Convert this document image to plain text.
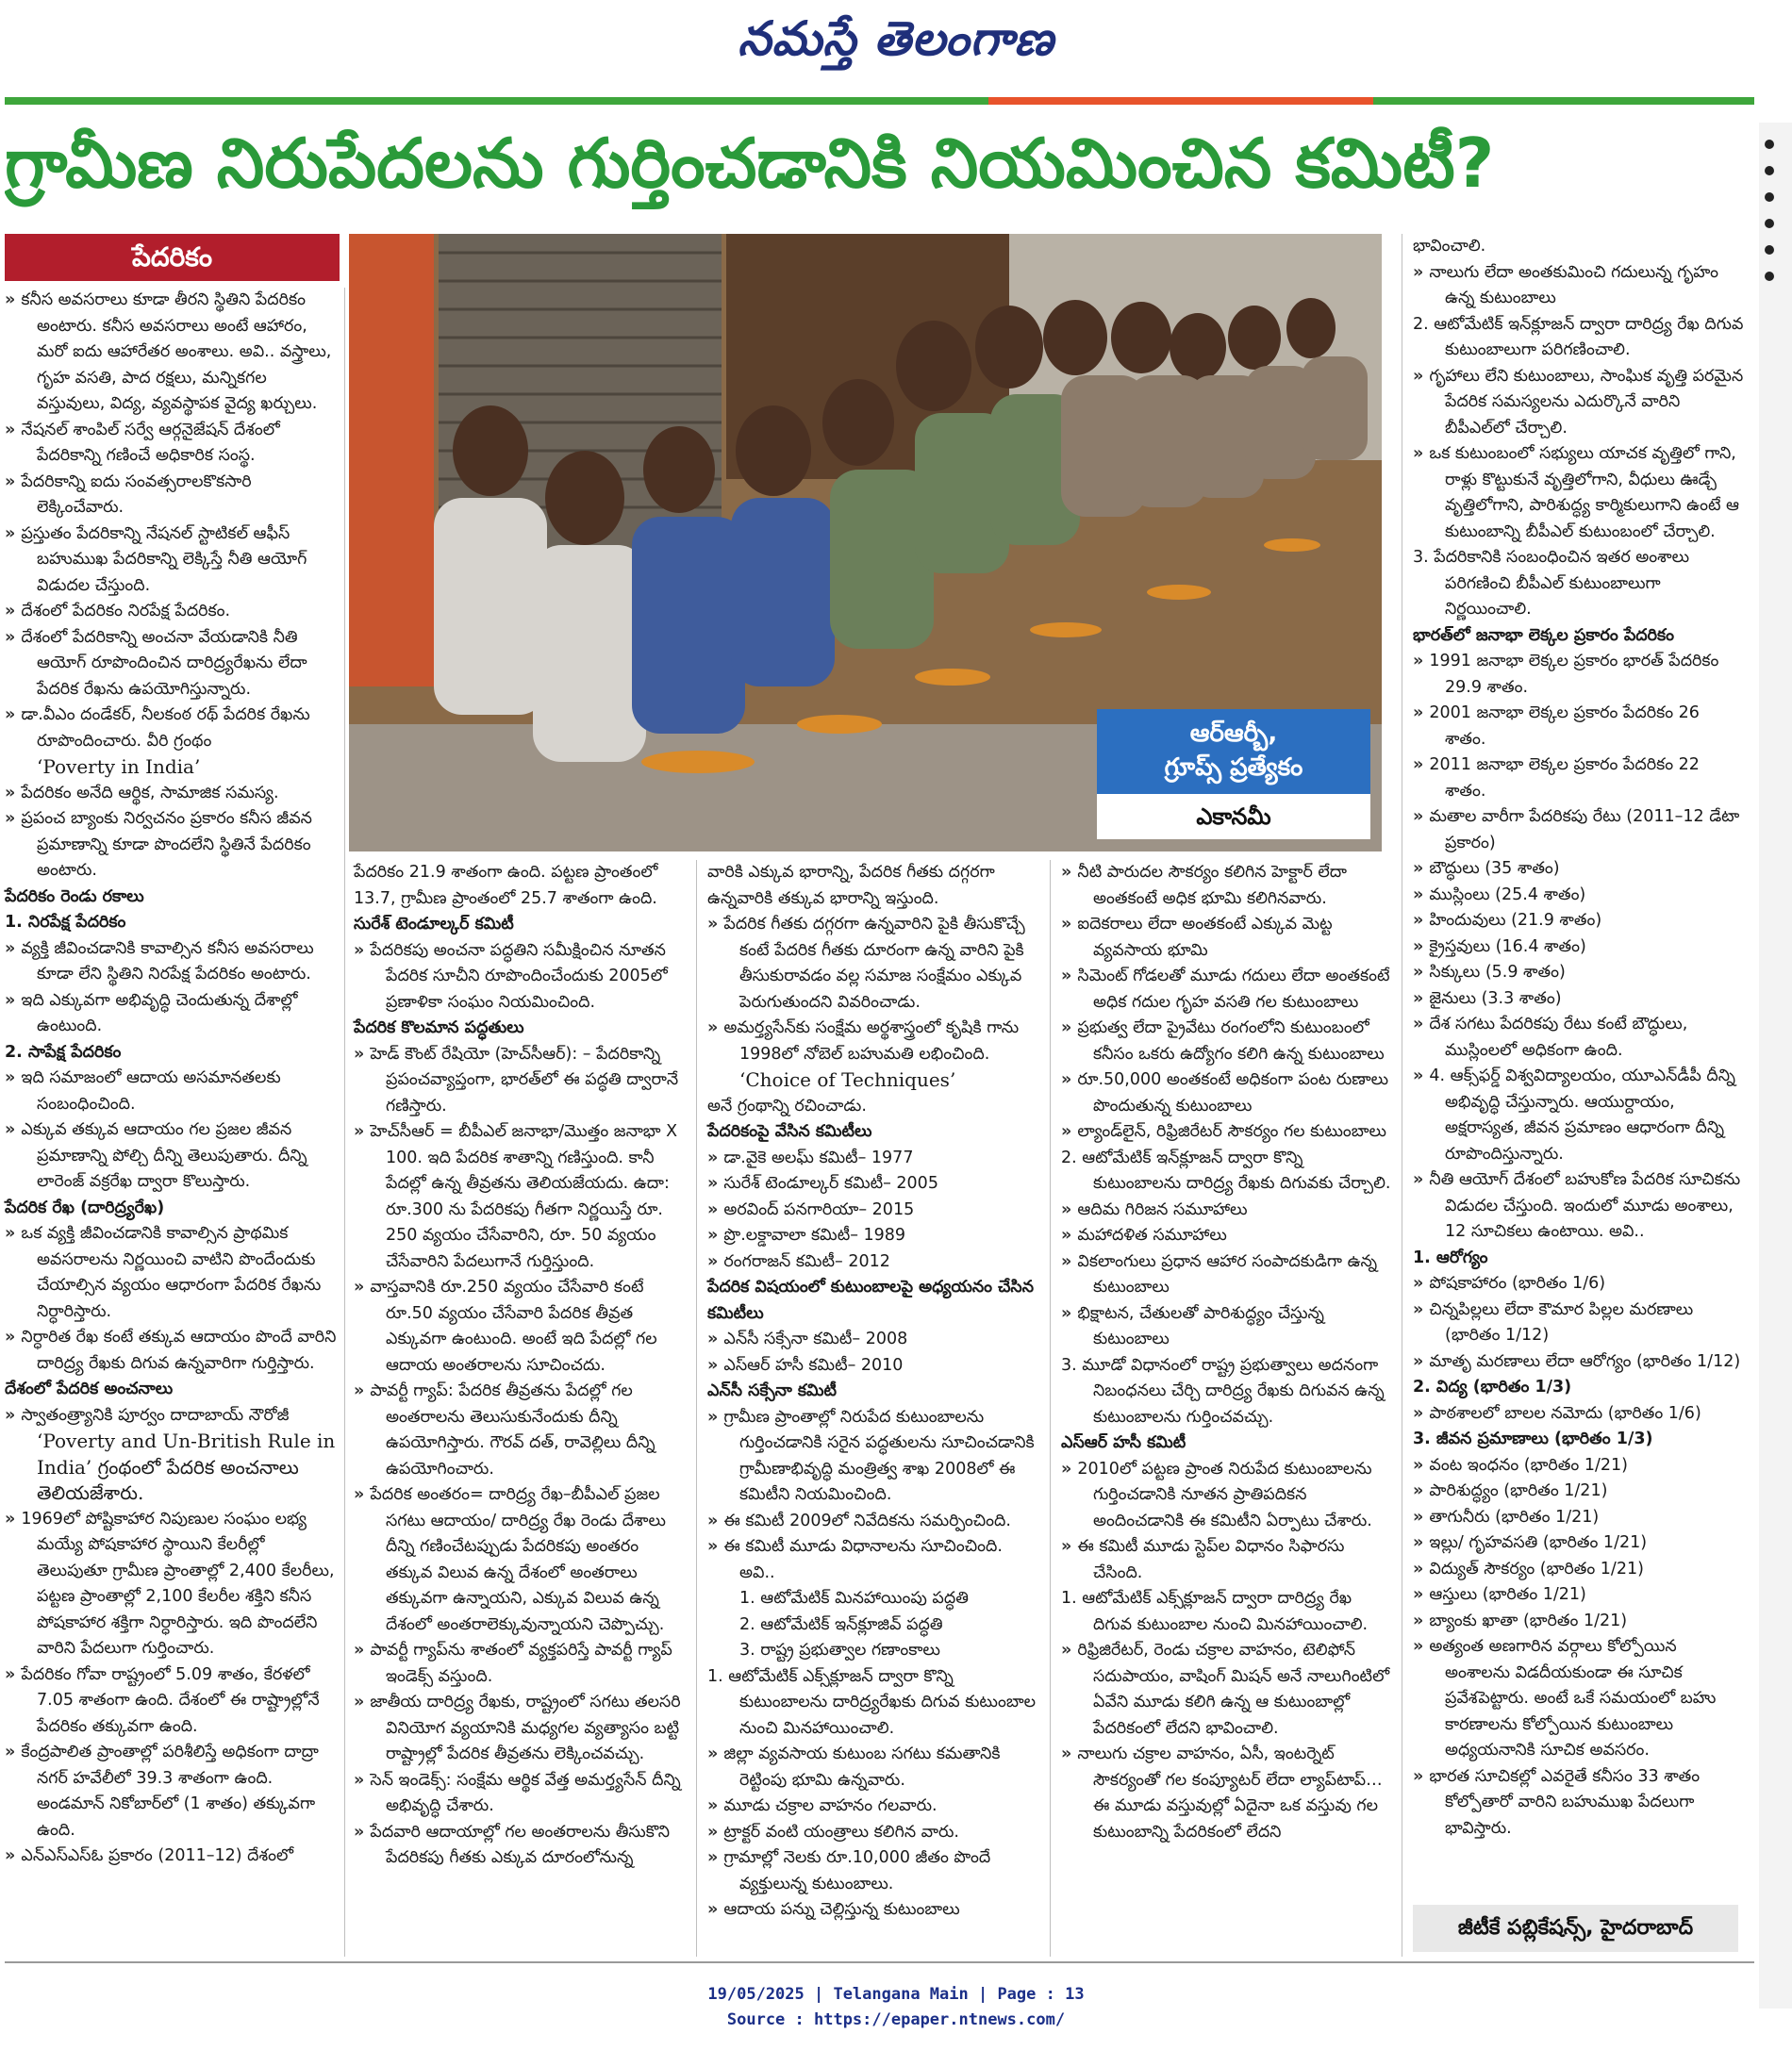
నమస్తే తెలంగాణ
గ్రామీణ నిరుపేదలను గుర్తించడానికి నియమించిన కమిటీ?
పేదరికం
ఆర్ఆర్బీ,
గ్రూప్స్ ప్రత్యేకం
ఎకానమీ

» కనీస అవసరాలు కూడా తీరని స్థితిని పేదరికం అంటారు. కనీస అవసరాలు అంటే ఆహారం, మరో ఐదు ఆహారేతర అంశాలు. అవి.. వస్త్రాలు, గృహ వసతి, పాద రక్షలు, మన్నికగల వస్తువులు, విద్య, వ్యవస్థాపక వైద్య ఖర్చులు.

» నేషనల్ శాంపిల్ సర్వే ఆర్గనైజేషన్ దేశంలో పేదరికాన్ని గణించే అధికారిక సంస్థ.

» పేదరికాన్ని ఐదు సంవత్సరాలకొకసారి లెక్కించేవారు.

» ప్రస్తుతం పేదరికాన్ని నేషనల్ స్టాటికల్ ఆఫీస్ బహుముఖ పేదరికాన్ని లెక్కిస్తే నీతి ఆయోగ్ విడుదల చేస్తుంది.

» దేశంలో పేదరికం నిరపేక్ష పేదరికం.

» దేశంలో పేదరికాన్ని అంచనా వేయడానికి నీతి ఆయోగ్ రూపొందించిన దారిద్ర్యరేఖను లేదా పేదరిక రేఖను ఉపయోగిస్తున్నారు.

» డా.వీఎం దండేకర్, నీలకంఠ రథ్ పేదరిక రేఖను రూపొందించారు. వీరి గ్రంథం

‘Poverty in India’

» పేదరికం అనేది ఆర్థిక, సామాజిక సమస్య.

» ప్రపంచ బ్యాంకు నిర్వచనం ప్రకారం కనీస జీవన ప్రమాణాన్ని కూడా పొందలేని స్థితినే పేదరికం అంటారు.

పేదరికం రెండు రకాలు

1. నిరపేక్ష పేదరికం

» వ్యక్తి జీవించడానికి కావాల్సిన కనీస అవసరాలు కూడా లేని స్థితిని నిరపేక్ష పేదరికం అంటారు.

» ఇది ఎక్కువగా అభివృద్ధి చెందుతున్న దేశాల్లో ఉంటుంది.

2. సాపేక్ష పేదరికం

» ఇది సమాజంలో ఆదాయ అసమానతలకు సంబంధించింది.

» ఎక్కువ తక్కువ ఆదాయం గల ప్రజల జీవన ప్రమాణాన్ని పోల్చి దీన్ని తెలుపుతారు. దీన్ని లారెంజ్ వక్రరేఖ ద్వారా కొలుస్తారు.

పేదరిక రేఖ (దారిద్ర్యరేఖ)

» ఒక వ్యక్తి జీవించడానికి కావాల్సిన ప్రాథమిక అవసరాలను నిర్ణయించి వాటిని పొందేందుకు చేయాల్సిన వ్యయం ఆధారంగా పేదరిక రేఖను నిర్ధారిస్తారు.

» నిర్ధారిత రేఖ కంటే తక్కువ ఆదాయం పొందే వారిని దారిద్ర్య రేఖకు దిగువ ఉన్నవారిగా గుర్తిస్తారు.

దేశంలో పేదరిక అంచనాలు

» స్వాతంత్ర్యానికి పూర్వం దాదాబాయ్ నౌరోజీ

‘Poverty and Un-British Rule in India’ గ్రంథంలో పేదరిక అంచనాలు తెలియజేశారు.

» 1969లో పోష్టికాహార నిపుణుల సంఘం లభ్య మయ్యే పోషకాహార స్థాయిని కేలరీల్లో తెలుపుతూ గ్రామీణ ప్రాంతాల్లో 2,400 కేలరీలు, పట్టణ ప్రాంతాల్లో 2,100 కేలరీల శక్తిని కనీస పోషకాహార శక్తిగా నిర్ధారిస్తారు. ఇది పొందలేని వారిని పేదలుగా గుర్తించారు.

» పేదరికం గోవా రాష్ట్రంలో 5.09 శాతం, కేరళలో 7.05 శాతంగా ఉంది. దేశంలో ఈ రాష్ట్రాల్లోనే పేదరికం తక్కువగా ఉంది.

» కేంద్రపాలిత ప్రాంతాల్లో పరిశీలిస్తే అధికంగా దాద్రా నగర్ హవేలీలో 39.3 శాతంగా ఉంది. అండమాన్ నికోబార్‌లో (1 శాతం) తక్కువగా ఉంది.

» ఎన్ఎస్ఎస్ఓ ప్రకారం (2011–12) దేశంలో

పేదరికం 21.9 శాతంగా ఉంది. పట్టణ ప్రాంతంలో 13.7, గ్రామీణ ప్రాంతంలో 25.7 శాతంగా ఉంది.

సురేశ్ టెండూల్కర్ కమిటీ

» పేదరికపు అంచనా పద్ధతిని సమీక్షించిన నూతన పేదరిక సూచీని రూపొందించేందుకు 2005లో ప్రణాళికా సంఘం నియమించింది.

పేదరిక కొలమాన పద్ధతులు

» హెడ్ కౌంట్ రేషియో (హెచ్‌సీఆర్): – పేదరికాన్ని ప్రపంచవ్యాప్తంగా, భారత్‌లో ఈ పద్ధతి ద్వారానే గణిస్తారు.

» హెచ్‌సీఆర్ = బీపీఎల్ జనాభా/మొత్తం జనాభా X 100. ఇది పేదరిక శాతాన్ని గణిస్తుంది. కానీ పేదల్లో ఉన్న తీవ్రతను తెలియజేయదు. ఉదా: రూ.300 ను పేదరికపు గీతగా నిర్ణయిస్తే రూ. 250 వ్యయం చేసేవారిని, రూ. 50 వ్యయం చేసేవారిని పేదలుగానే గుర్తిస్తుంది.

» వాస్తవానికి రూ.250 వ్యయం చేసేవారి కంటే రూ.50 వ్యయం చేసేవారి పేదరిక తీవ్రత ఎక్కువగా ఉంటుంది. అంటే ఇది పేదల్లో గల ఆదాయ అంతరాలను సూచించదు.

» పావర్టీ గ్యాప్: పేదరిక తీవ్రతను పేదల్లో గల అంతరాలను తెలుసుకునేందుకు దీన్ని ఉపయోగిస్తారు. గౌరవ్ దత్, రావెల్లిలు దీన్ని ఉపయోగించారు.

» పేదరిక అంతరం= దారిద్ర్య రేఖ–బీపీఎల్ ప్రజల సగటు ఆదాయం/ దారిద్ర్య రేఖ రెండు దేశాలు దీన్ని గణించేటప్పుడు పేదరికపు అంతరం తక్కువ విలువ ఉన్న దేశంలో అంతరాలు తక్కువగా ఉన్నాయని, ఎక్కువ విలువ ఉన్న దేశంలో అంతరాలెక్కువున్నాయని చెప్పొచ్చు.

» పావర్టీ గ్యాప్‌ను శాతంలో వ్యక్తపరిస్తే పావర్టీ గ్యాప్ ఇండెక్స్ వస్తుంది.

» జాతీయ దారిద్ర్య రేఖకు, రాష్ట్రంలో సగటు తలసరి వినియోగ వ్యయానికి మధ్యగల వ్యత్యాసం బట్టి రాష్ట్రాల్లో పేదరిక తీవ్రతను లెక్కించవచ్చు.

» సెన్ ఇండెక్స్: సంక్షేమ ఆర్థిక వేత్త అమర్త్యసేన్ దీన్ని అభివృద్ధి చేశారు.

» పేదవారి ఆదాయాల్లో గల అంతరాలను తీసుకొని పేదరికపు గీతకు ఎక్కువ దూరంలోనున్న

వారికి ఎక్కువ భారాన్ని, పేదరిక గీతకు దగ్గరగా ఉన్నవారికి తక్కువ భారాన్ని ఇస్తుంది.

» పేదరిక గీతకు దగ్గరగా ఉన్నవారిని పైకి తీసుకొచ్చే కంటే పేదరిక గీతకు దూరంగా ఉన్న వారిని పైకి తీసుకురావడం వల్ల సమాజ సంక్షేమం ఎక్కువ పెరుగుతుందని వివరించాడు.

» అమర్త్యసేన్‌కు సంక్షేమ అర్థశాస్త్రంలో కృషికి గాను 1998లో నోబెల్ బహుమతి లభించింది.

‘Choice of Techniques’

అనే గ్రంథాన్ని రచించాడు.

పేదరికంపై వేసిన కమిటీలు

» డా.వైకె అలఘ్ కమిటీ– 1977

» సురేశ్ టెండూల్కర్ కమిటీ– 2005

» అరవింద్ పనగారియా– 2015

» ప్రొ.లక్డావాలా కమిటీ– 1989

» రంగరాజన్ కమిటీ– 2012

పేదరిక విషయంలో కుటుంబాలపై అధ్యయనం చేసిన కమిటీలు

» ఎన్‌సీ సక్సేనా కమిటీ– 2008

» ఎస్ఆర్ హసీ కమిటీ– 2010

ఎన్‌సీ సక్సేనా కమిటీ

» గ్రామీణ ప్రాంతాల్లో నిరుపేద కుటుంబాలను గుర్తించడానికి సరైన పద్ధతులను సూచించడానికి గ్రామీణాభివృద్ధి మంత్రిత్వ శాఖ 2008లో ఈ కమిటీని నియమించింది.

» ఈ కమిటీ 2009లో నివేదికను సమర్పించింది.

» ఈ కమిటీ మూడు విధానాలను సూచించింది. అవి..

1. ఆటోమేటిక్ మినహాయింపు పద్ధతి

2. ఆటోమేటిక్ ఇన్‌క్లూజివ్ పద్ధతి

3. రాష్ట్ర ప్రభుత్వాల గణాంకాలు

1. ఆటోమేటిక్ ఎక్స్‌క్లూజన్ ద్వారా కొన్ని కుటుంబాలను దారిద్ర్యరేఖకు దిగువ కుటుంబాల నుంచి మినహాయించాలి.

» జిల్లా వ్యవసాయ కుటుంబ సగటు కమతానికి రెట్టింపు భూమి ఉన్నవారు.

» మూడు చక్రాల వాహనం గలవారు.

» ట్రాక్టర్ వంటి యంత్రాలు కలిగిన వారు.

» గ్రామాల్లో నెలకు రూ.10,000 జీతం పొందే వ్యక్తులున్న కుటుంబాలు.

» ఆదాయ పన్ను చెల్లిస్తున్న కుటుంబాలు

» నీటి పారుదల సౌకర్యం కలిగిన హెక్టార్ లేదా అంతకంటే అధిక భూమి కలిగినవారు.

» ఐదెకరాలు లేదా అంతకంటే ఎక్కువ మెట్ట వ్యవసాయ భూమి

» సిమెంట్ గోడలతో మూడు గదులు లేదా అంతకంటే అధిక గదుల గృహ వసతి గల కుటుంబాలు

» ప్రభుత్వ లేదా ప్రైవేటు రంగంలోని కుటుంబంలో కనీసం ఒకరు ఉద్యోగం కలిగి ఉన్న కుటుంబాలు

» రూ.50,000 అంతకంటే అధికంగా పంట రుణాలు పొందుతున్న కుటుంబాలు

» ల్యాండ్‌లైన్, రిఫ్రిజిరేటర్ సౌకర్యం గల కుటుంబాలు

2. ఆటోమేటిక్ ఇన్‌క్లూజన్ ద్వారా కొన్ని కుటుంబాలను దారిద్ర్య రేఖకు దిగువకు చేర్చాలి.

» ఆదిమ గిరిజన సమూహాలు

» మహాదళిత సమూహాలు

» వికలాంగులు ప్రధాన ఆహార సంపాదకుడిగా ఉన్న కుటుంబాలు

» భిక్షాటన, చేతులతో పారిశుద్ధ్యం చేస్తున్న కుటుంబాలు

3. మూడో విధానంలో రాష్ట్ర ప్రభుత్వాలు అదనంగా నిబంధనలు చేర్చి దారిద్ర్య రేఖకు దిగువన ఉన్న కుటుంబాలను గుర్తించవచ్చు.

ఎస్ఆర్ హసీ కమిటీ

» 2010లో పట్టణ ప్రాంత నిరుపేద కుటుంబాలను గుర్తించడానికి నూతన ప్రాతిపదికన అందించడానికి ఈ కమిటీని ఏర్పాటు చేశారు.

» ఈ కమిటీ మూడు స్టెప్‌ల విధానం సిఫారసు చేసింది.

1. ఆటోమేటిక్ ఎక్స్‌క్లూజన్ ద్వారా దారిద్ర్య రేఖ దిగువ కుటుంబాల నుంచి మినహాయించాలి.

» రిఫ్రిజిరేటర్, రెండు చక్రాల వాహనం, టెలిఫోన్ సదుపాయం, వాషింగ్ మిషన్ అనే నాలుగింటిలో ఏవేని మూడు కలిగి ఉన్న ఆ కుటుంబాల్లో పేదరికంలో లేదని భావించాలి.

» నాలుగు చక్రాల వాహనం, ఏసీ, ఇంటర్నెట్ సౌకర్యంతో గల కంప్యూటర్ లేదా ల్యాప్‌టాప్… ఈ మూడు వస్తువుల్లో ఏదైనా ఒక వస్తువు గల కుటుంబాన్ని పేదరికంలో లేదని

భావించాలి.

» నాలుగు లేదా అంతకుమించి గదులున్న గృహం ఉన్న కుటుంబాలు

2. ఆటోమేటిక్ ఇన్‌క్లూజన్ ద్వారా దారిద్ర్య రేఖ దిగువ కుటుంబాలుగా పరిగణించాలి.

» గృహాలు లేని కుటుంబాలు, సాంఘిక వృత్తి పరమైన పేదరిక సమస్యలను ఎదుర్కొనే వారిని బీపీఎల్‌లో చేర్చాలి.

» ఒక కుటుంబంలో సభ్యులు యాచక వృత్తిలో గాని, రాళ్లు కొట్టుకునే వృత్తిలోగాని, వీధులు ఊడ్చే వృత్తిలోగాని, పారిశుద్ధ్య కార్మికులుగాని ఉంటే ఆ కుటుంబాన్ని బీపీఎల్ కుటుంబంలో చేర్చాలి.

3. పేదరికానికి సంబంధించిన ఇతర అంశాలు పరిగణించి బీపీఎల్ కుటుంబాలుగా నిర్ణయించాలి.

భారత్‌లో జనాభా లెక్కల ప్రకారం పేదరికం

» 1991 జనాభా లెక్కల ప్రకారం భారత్ పేదరికం 29.9 శాతం.

» 2001 జనాభా లెక్కల ప్రకారం పేదరికం 26 శాతం.

» 2011 జనాభా లెక్కల ప్రకారం పేదరికం 22 శాతం.

» మతాల వారీగా పేదరికపు రేటు (2011–12 డేటా ప్రకారం)

» బౌద్ధులు (35 శాతం)

» ముస్లింలు (25.4 శాతం)

» హిందువులు (21.9 శాతం)

» క్రైస్తవులు (16.4 శాతం)

» సిక్కులు (5.9 శాతం)

» జైనులు (3.3 శాతం)

» దేశ సగటు పేదరికపు రేటు కంటే బౌద్ధులు, ముస్లింలలో అధికంగా ఉంది.

» 4. ఆక్స్‌ఫర్డ్ విశ్వవిద్యాలయం, యూఎన్‌డీపీ దీన్ని అభివృద్ధి చేస్తున్నారు. ఆయుర్దాయం, అక్షరాస్యత, జీవన ప్రమాణం ఆధారంగా దీన్ని రూపొందిస్తున్నారు.

» నీతి ఆయోగ్ దేశంలో బహుకోణ పేదరిక సూచికను విడుదల చేస్తుంది. ఇందులో మూడు అంశాలు, 12 సూచికలు ఉంటాయి. అవి..

1. ఆరోగ్యం

» పోషకాహారం (భారితం 1/6)

» చిన్నపిల్లలు లేదా కౌమార పిల్లల మరణాలు (భారితం 1/12)

» మాతృ మరణాలు లేదా ఆరోగ్యం (భారితం 1/12)

2. విద్య (భారితం 1/3)

» పాఠశాలలో బాలల నమోదు (భారితం 1/6)

3. జీవన ప్రమాణాలు (భారితం 1/3)

» వంట ఇంధనం (భారితం 1/21)

» పారిశుద్ధ్యం (భారితం 1/21)

» తాగునీరు (భారితం 1/21)

» ఇల్లు/ గృహవసతి (భారితం 1/21)

» విద్యుత్ సౌకర్యం (భారితం 1/21)

» ఆస్తులు (భారితం 1/21)

» బ్యాంకు ఖాతా (భారితం 1/21)

» అత్యంత అణగారిన వర్గాలు కోల్పోయిన అంశాలను విడదీయకుండా ఈ సూచిక ప్రవేశపెట్టారు. అంటే ఒకే సమయంలో బహు కారణాలను కోల్పోయిన కుటుంబాలు అధ్యయనానికి సూచిక అవసరం.

» భారత సూచికల్లో ఎవరైతే కనీసం 33 శాతం కోల్పోతారో వారిని బహుముఖ పేదలుగా భావిస్తారు.

జీటీకే పబ్లికేషన్స్, హైదరాబాద్
19/05/2025 | Telangana Main | Page : 13
Source : https://epaper.ntnews.com/
